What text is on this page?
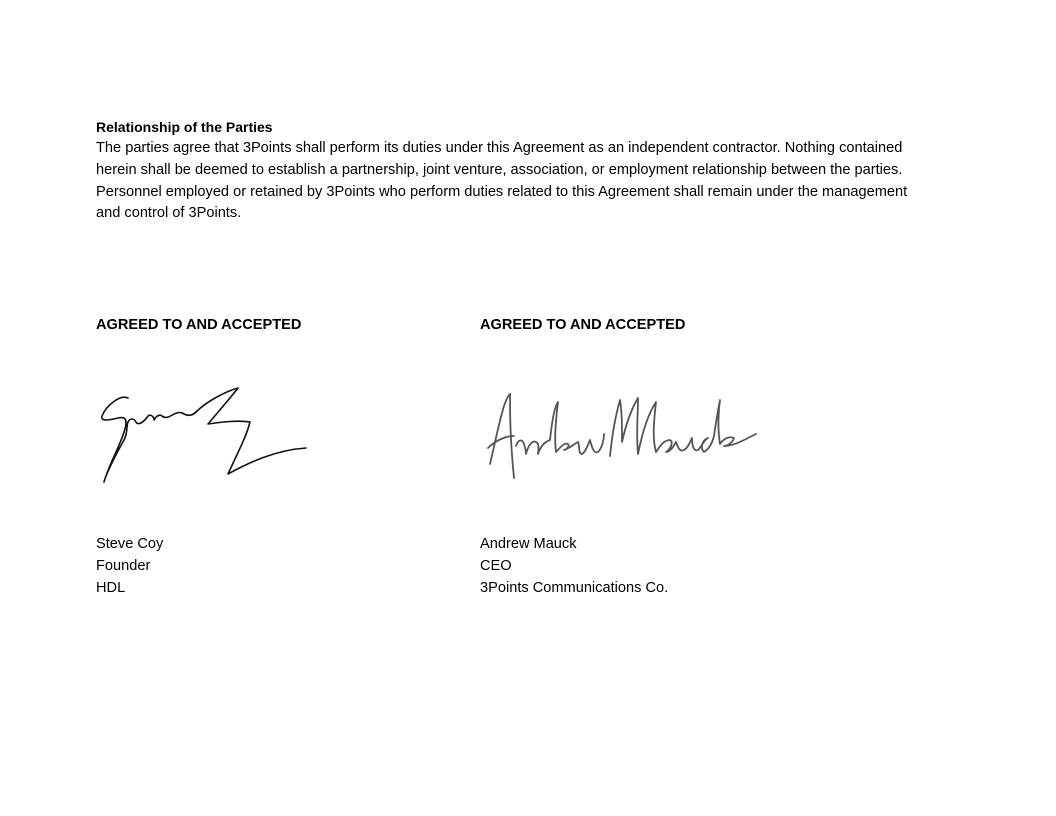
Relationship of the Parties

The parties agree that 3Points shall perform its duties under this Agreement as an independent contractor. Nothing contained herein shall be deemed to establish a partnership, joint venture, association, or employment relationship between the parties. Personnel employed or retained by 3Points who perform duties related to this Agreement shall remain under the management and control of 3Points.

AGREED TO AND ACCEPTED

Steve Coy
Founder
HDL

AGREED TO AND ACCEPTED

Andrew Mauck
CEO
3Points Communications Co.
